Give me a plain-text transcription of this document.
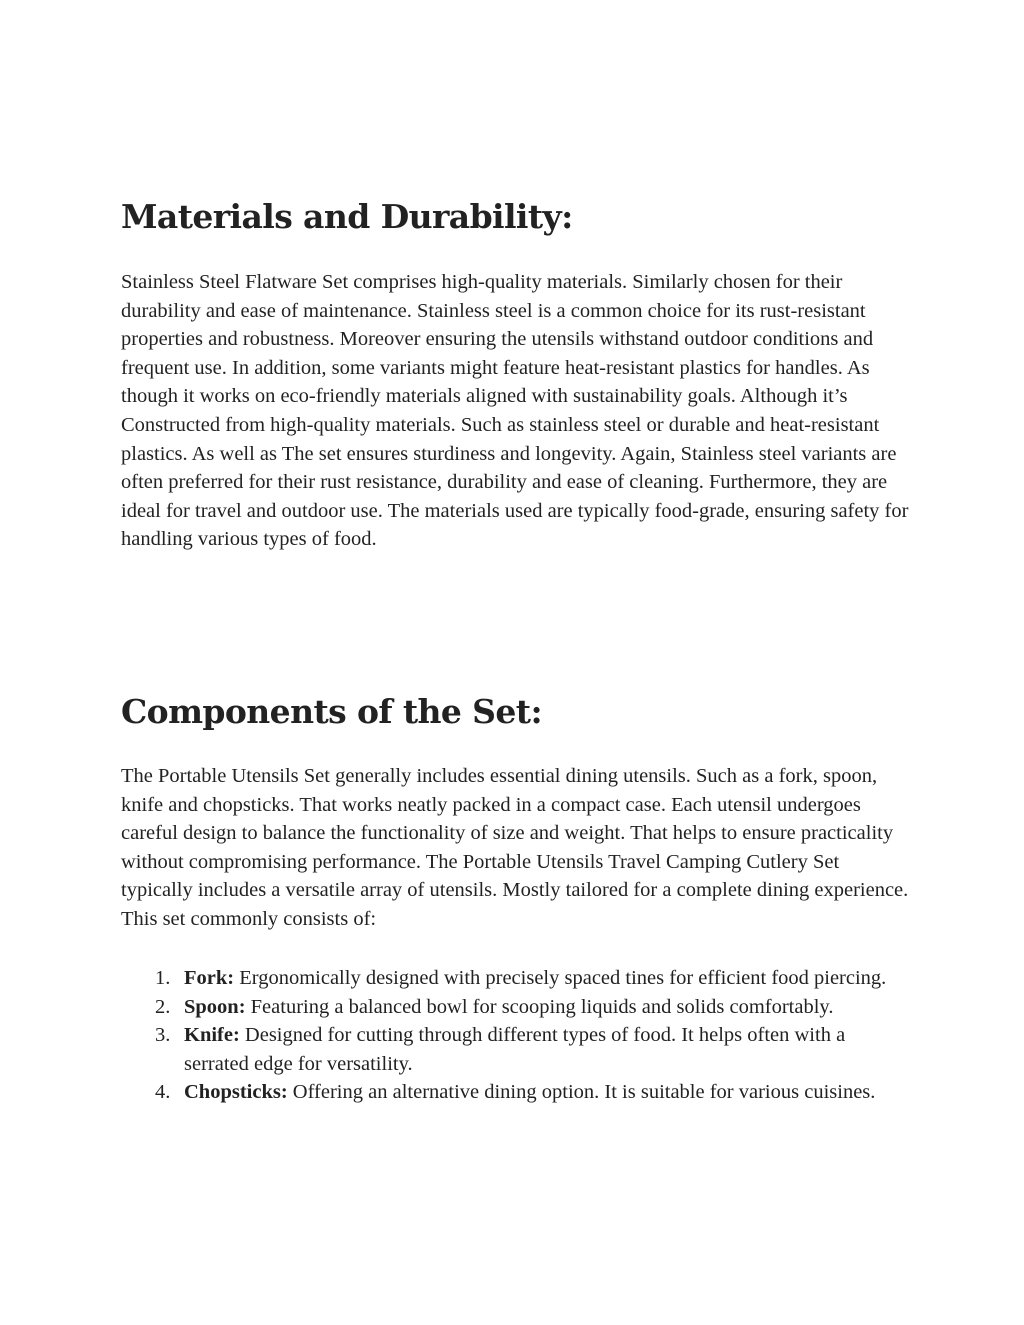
Materials and Durability:

Stainless Steel Flatware Set comprises high-quality materials. Similarly chosen for their durability and ease of maintenance. Stainless steel is a common choice for its rust-resistant properties and robustness. Moreover ensuring the utensils withstand outdoor conditions and frequent use. In addition, some variants might feature heat-resistant plastics for handles. As though it works on eco-friendly materials aligned with sustainability goals. Although it’s Constructed from high-quality materials. Such as stainless steel or durable and heat-resistant plastics. As well as The set ensures sturdiness and longevity. Again, Stainless steel variants are often preferred for their rust resistance, durability and ease of cleaning. Furthermore, they are ideal for travel and outdoor use. The materials used are typically food-grade, ensuring safety for handling various types of food.

Components of the Set:

The Portable Utensils Set generally includes essential dining utensils. Such as a fork, spoon, knife and chopsticks. That works neatly packed in a compact case. Each utensil undergoes careful design to balance the functionality of size and weight. That helps to ensure practicality without compromising performance. The Portable Utensils Travel Camping Cutlery Set typically includes a versatile array of utensils. Mostly tailored for a complete dining experience. This set commonly consists of:

1. Fork: Ergonomically designed with precisely spaced tines for efficient food piercing.
2. Spoon: Featuring a balanced bowl for scooping liquids and solids comfortably.
3. Knife: Designed for cutting through different types of food. It helps often with a serrated edge for versatility.
4. Chopsticks: Offering an alternative dining option. It is suitable for various cuisines.
